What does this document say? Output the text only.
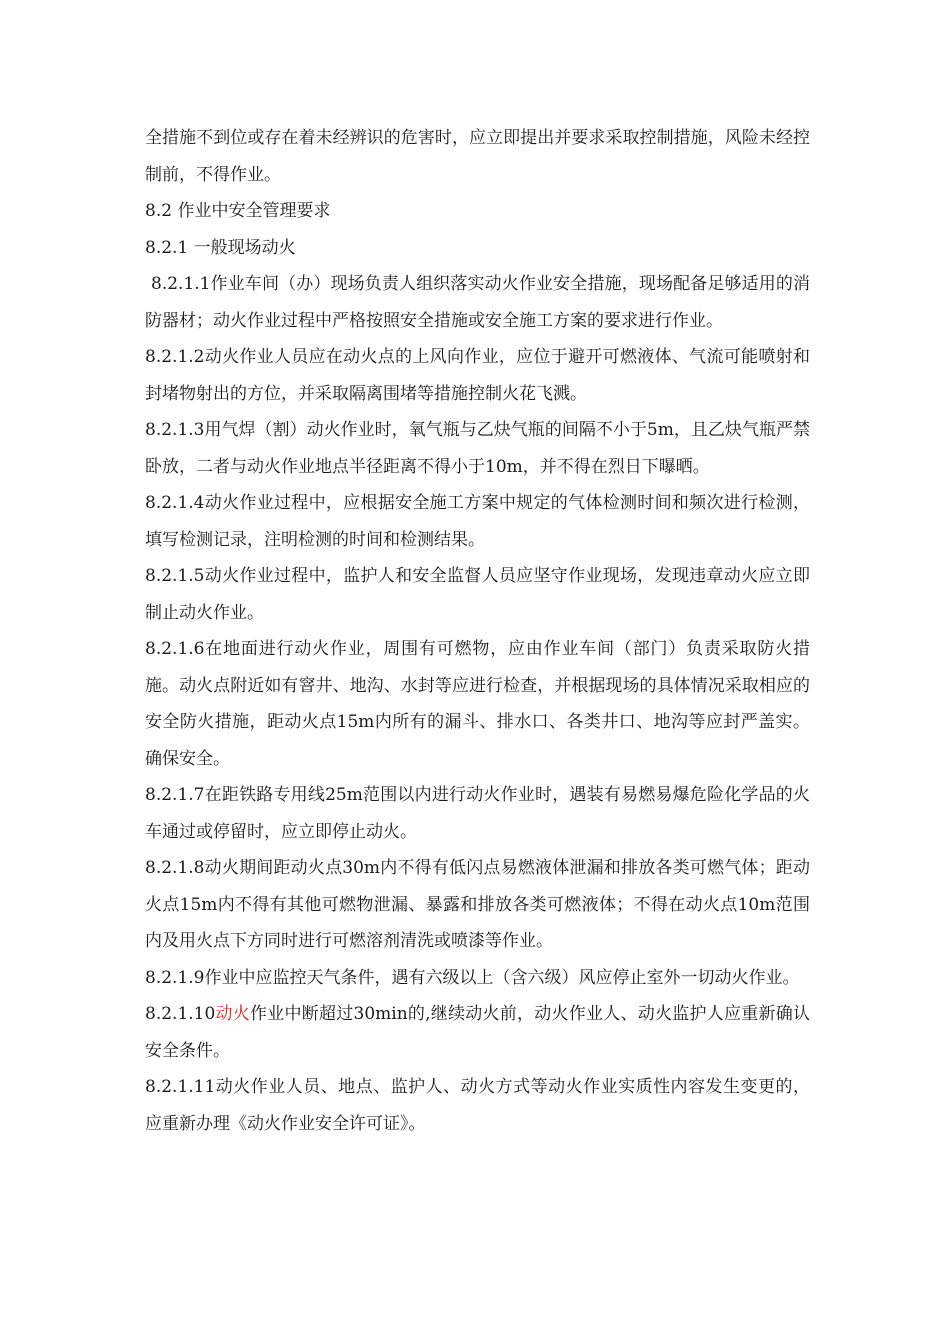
全措施不到位或存在着未经辨识的危害时，应立即提出并要求采取控制措施，风险未经控制前，不得作业。

8.2 作业中安全管理要求

8.2.1 一般现场动火

8.2.1.1作业车间（办）现场负责人组织落实动火作业安全措施，现场配备足够适用的消防器材；动火作业过程中严格按照安全措施或安全施工方案的要求进行作业。

8.2.1.2动火作业人员应在动火点的上风向作业，应位于避开可燃液体、气流可能喷射和封堵物射出的方位，并采取隔离围堵等措施控制火花飞溅。

8.2.1.3用气焊（割）动火作业时，氧气瓶与乙炔气瓶的间隔不小于5m，且乙炔气瓶严禁卧放，二者与动火作业地点半径距离不得小于10m，并不得在烈日下曝晒。

8.2.1.4动火作业过程中，应根据安全施工方案中规定的气体检测时间和频次进行检测，填写检测记录，注明检测的时间和检测结果。

8.2.1.5动火作业过程中，监护人和安全监督人员应坚守作业现场，发现违章动火应立即制止动火作业。

8.2.1.6在地面进行动火作业，周围有可燃物，应由作业车间（部门）负责采取防火措施。动火点附近如有窨井、地沟、水封等应进行检查，并根据现场的具体情况采取相应的安全防火措施，距动火点15m内所有的漏斗、排水口、各类井口、地沟等应封严盖实。确保安全。

8.2.1.7在距铁路专用线25m范围以内进行动火作业时，遇装有易燃易爆危险化学品的火车通过或停留时，应立即停止动火。

8.2.1.8动火期间距动火点30m内不得有低闪点易燃液体泄漏和排放各类可燃气体；距动火点15m内不得有其他可燃物泄漏、暴露和排放各类可燃液体；不得在动火点10m范围内及用火点下方同时进行可燃溶剂清洗或喷漆等作业。

8.2.1.9作业中应监控天气条件，遇有六级以上（含六级）风应停止室外一切动火作业。

8.2.1.10动火作业中断超过30min的,继续动火前，动火作业人、动火监护人应重新确认安全条件。

8.2.1.11动火作业人员、地点、监护人、动火方式等动火作业实质性内容发生变更的，应重新办理《动火作业安全许可证》。
